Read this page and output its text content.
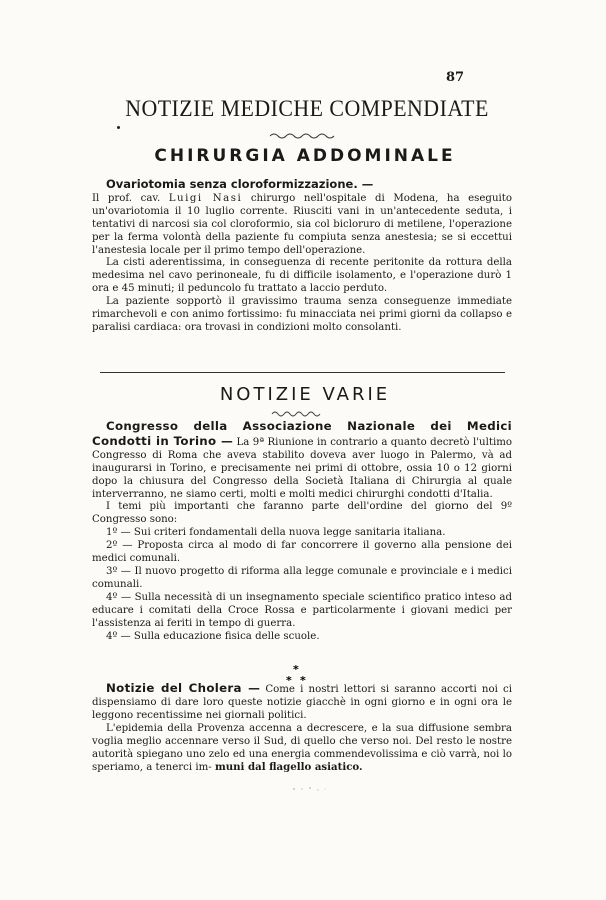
87
NOTIZIE MEDICHE COMPENDIATE
CHIRURGIA ADDOMINALE

Ovariotomia senza cloroformizzazione. —

Il prof. cav. Luigi Nasi chirurgo nell'ospitale di Modena, ha eseguito un'ovariotomia il 10 luglio corrente. Riusciti vani in un'antecedente seduta, i tentativi di narcosi sia col cloroformio, sia col bicloruro di metilene, l'operazione per la ferma volontà della paziente fu compiuta senza anestesia; se si eccettui l'anestesia locale per il primo tempo dell'operazione.

La cisti aderentissima, in conseguenza di recente peritonite da rottura della medesima nel cavo perinoneale, fu di difficile isolamento, e l'operazione durò 1 ora e 45 minuti; il peduncolo fu trattato a laccio perduto.

La paziente sopportò il gravissimo trauma senza conseguenze immediate rimarchevoli e con animo fortissimo: fu minacciata nei primi giorni da collapso e paralisi cardiaca: ora trovasi in condizioni molto consolanti.

NOTIZIE VARIE

Congresso della Associazione Nazionale dei Medici Condotti in Torino — La 9ª Riunione in contrario a quanto decretò l'ultimo Congresso di Roma che aveva stabilito doveva aver luogo in Palermo, và ad inaugurarsi in Torino, e precisamente nei primi di ottobre, ossia 10 o 12 giorni dopo la chiusura del Congresso della Società Italiana di Chirurgia al quale interverranno, ne siamo certi, molti e molti medici chirurghi condotti d'Italia.

I temi più importanti che faranno parte dell'ordine del giorno del 9º Congresso sono:

1º — Sui criteri fondamentali della nuova legge sanitaria italiana.

2º — Proposta circa al modo di far concorrere il governo alla pensione dei medici comunali.

3º — Il nuovo progetto di riforma alla legge comunale e provinciale e i medici comunali.

4º — Sulla necessità di un insegnamento speciale scientifico pratico inteso ad educare i comitati della Croce Rossa e particolarmente i giovani medici per l'assistenza ai feriti in tempo di guerra.

4º — Sulla educazione fisica delle scuole.

*
* *

Notizie del Cholera — Come i nostri lettori si saranno accorti noi ci dispensiamo di dare loro queste notizie giacchè in ogni giorno e in ogni ora le leggono recentissime nei giornali politici.

L'epidemia della Provenza accenna a decrescere, e la sua diffusione sembra voglia meglio accennare verso il Sud, di quello che verso noi. Del resto le nostre autorità spiegano uno zelo ed una energia commendevolissima e ciò varrà, noi lo speriamo, a tenerci im- muni dal flagello asiatico.
